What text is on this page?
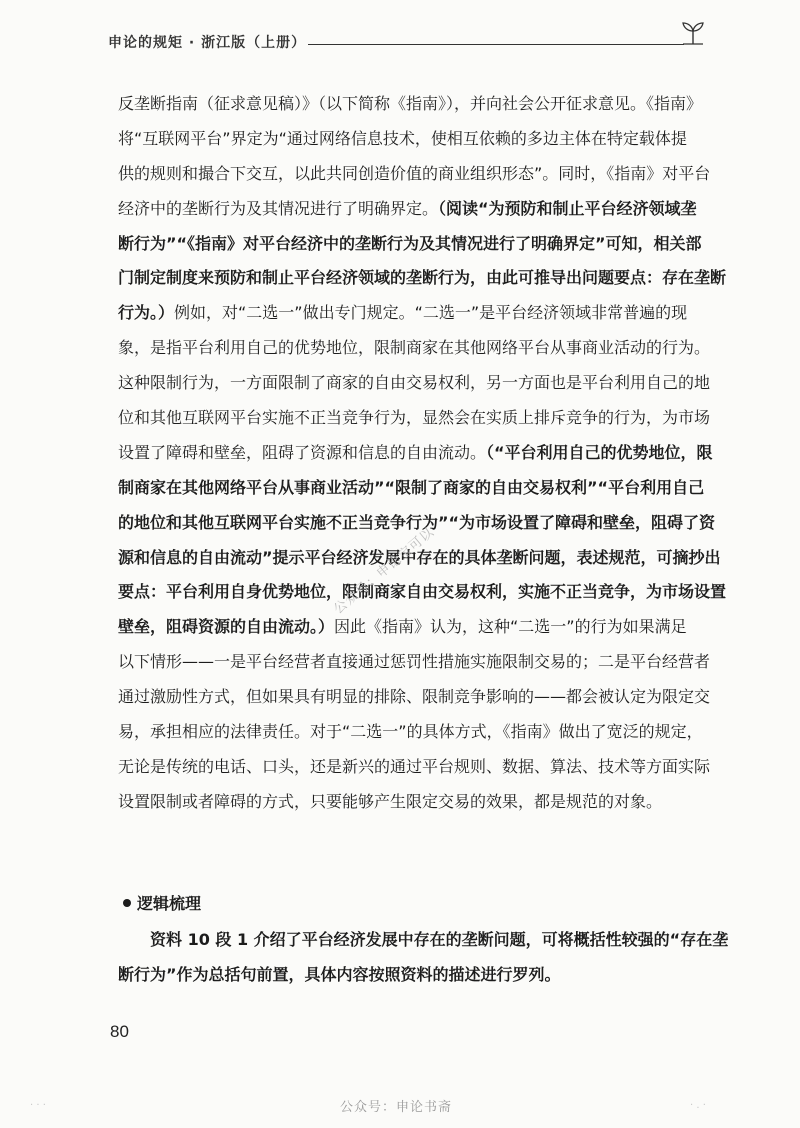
申论的规矩 · 浙江版（上册）
反垄断指南（征求意见稿）》（以下简称《指南》），并向社会公开征求意见。《指南》
将“互联网平台”界定为“通过网络信息技术，使相互依赖的多边主体在特定载体提
供的规则和撮合下交互，以此共同创造价值的商业组织形态”。同时，《指南》对平台
经济中的垄断行为及其情况进行了明确界定。（阅读“为预防和制止平台经济领域垄
断行为”“《指南》对平台经济中的垄断行为及其情况进行了明确界定”可知，相关部
门制定制度来预防和制止平台经济领域的垄断行为，由此可推导出问题要点：存在垄断
行为。）例如，对“二选一”做出专门规定。“二选一”是平台经济领域非常普遍的现
象，是指平台利用自己的优势地位，限制商家在其他网络平台从事商业活动的行为。
这种限制行为，一方面限制了商家的自由交易权利，另一方面也是平台利用自己的地
位和其他互联网平台实施不正当竞争行为，显然会在实质上排斥竞争的行为，为市场
设置了障碍和壁垒，阻碍了资源和信息的自由流动。（“平台利用自己的优势地位，限
制商家在其他网络平台从事商业活动”“限制了商家的自由交易权利”“平台利用自己
的地位和其他互联网平台实施不正当竞争行为”“为市场设置了障碍和壁垒，阻碍了资
源和信息的自由流动”提示平台经济发展中存在的具体垄断问题，表述规范，可摘抄出
要点：平台利用自身优势地位，限制商家自由交易权利，实施不正当竞争，为市场设置
壁垒，阻碍资源的自由流动。）因此《指南》认为，这种“二选一”的行为如果满足
以下情形——一是平台经营者直接通过惩罚性措施实施限制交易的；二是平台经营者
通过激励性方式，但如果具有明显的排除、限制竞争影响的——都会被认定为限定交
易，承担相应的法律责任。对于“二选一”的具体方式，《指南》做出了宽泛的规定，
无论是传统的电话、口头，还是新兴的通过平台规则、数据、算法、技术等方面实际
设置限制或者障碍的方式，只要能够产生限定交易的效果，都是规范的对象。
逻辑梳理
资料 10 段 1 介绍了平台经济发展中存在的垄断问题，可将概括性较强的“存在垄
断行为”作为总括句前置，具体内容按照资料的描述进行罗列。
80
公众号：申论宝可以
公众号：申论书斋
· · ·	· . ·
